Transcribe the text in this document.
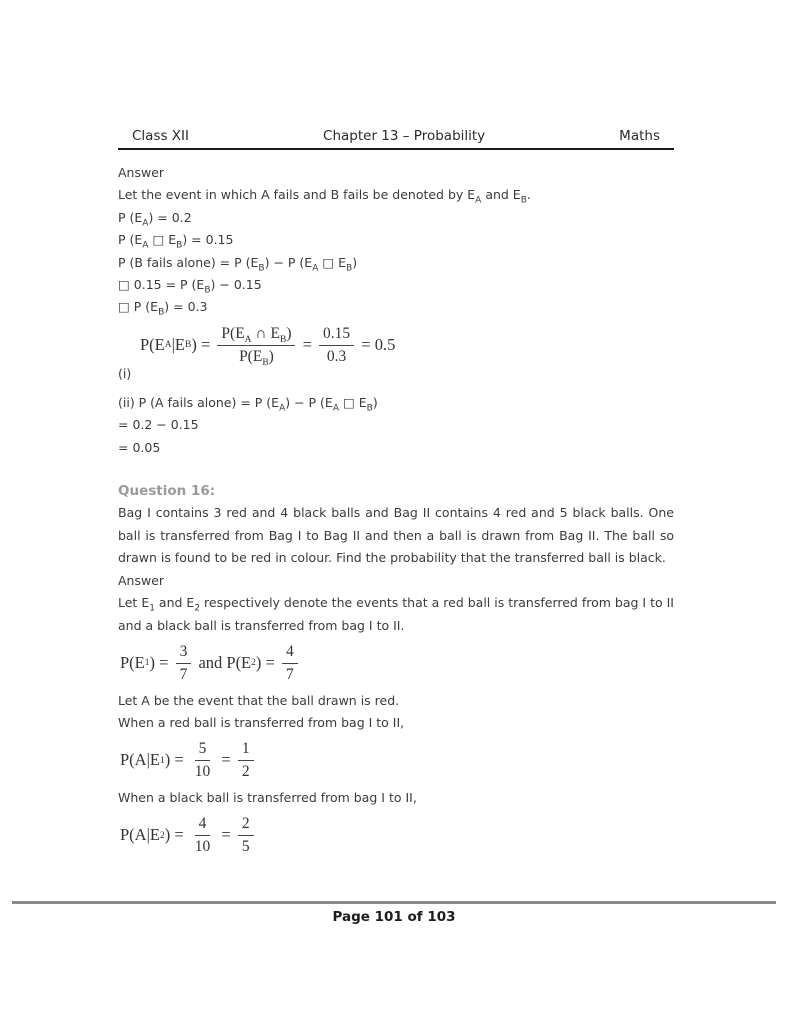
Class XII	Chapter 13 – Probability	Maths
Answer
Let the event in which A fails and B fails be denoted by $E_A$ and $E_B$.
P $(E_A) = 0.2$
P ($E_A$ □ $E_B) = 0.15$
P (B fails alone) = P $(E_B) - P$ ($E_A$ □ $E_B$)
□ 0.15 = P $(E_B) - 0.15$
□ P $(E_B) = 0.3$
P(E A |E B ) = $\frac{P(E_A \cap E_B)}{P(E_B)} = \frac{0.15}{0.3} = 0.5$
(i)
(ii) P (A fails alone) = P $(E_A) - P$ ($E_A$ □ $E_B$)
= 0.2 − 0.15
= 0.05
Question 16:

Bag I contains 3 red and 4 black balls and Bag II contains 4 red and 5 black balls. One ball is transferred from Bag I to Bag II and then a ball is drawn from Bag II. The ball so drawn is found to be red in colour. Find the probability that the transferred ball is black.

Answer

Let $E_1$ and $E_2$ respectively denote the events that a red ball is transferred from bag I to II and a black ball is transferred from bag I to II.

P(E 1 ) = $\frac{3}{7}$ and P(E 2 ) = $\frac{4}{7}$
Let A be the event that the ball drawn is red.
When a red ball is transferred from bag I to II,
P(A|E 1 ) = $\frac{5}{10} = \frac{1}{2}$
When a black ball is transferred from bag I to II,
P(A|E 2 ) = $\frac{4}{10} = \frac{2}{5}$
Page 101 of 103
